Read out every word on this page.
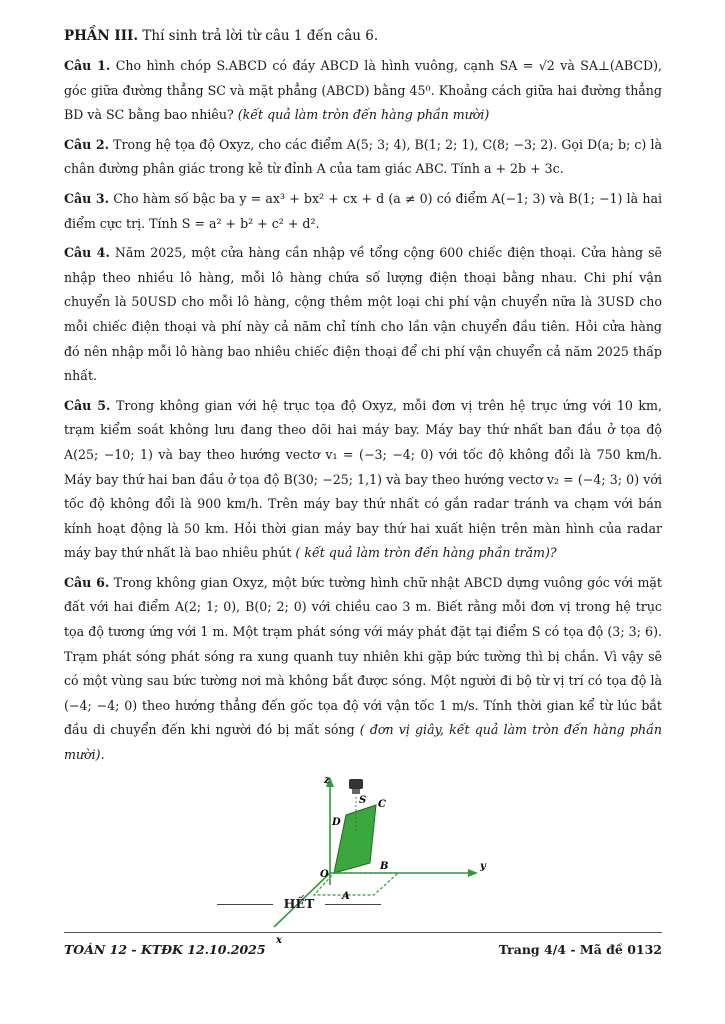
PHẦN III. Thí sinh trả lời từ câu 1 đến câu 6.
Câu 1. Cho hình chóp S.ABCD có đáy ABCD là hình vuông, cạnh SA = √2 và SA⊥(ABCD), góc giữa đường thẳng SC và mặt phẳng (ABCD) bằng 45⁰. Khoảng cách giữa hai đường thẳng BD và SC bằng bao nhiêu? (kết quả làm tròn đến hàng phần mười)
Câu 2. Trong hệ tọa độ Oxyz, cho các điểm A(5; 3; 4), B(1; 2; 1), C(8; −3; 2). Gọi D(a; b; c) là chân đường phân giác trong kẻ từ đỉnh A của tam giác ABC. Tính a + 2b + 3c.
Câu 3. Cho hàm số bậc ba y = ax³ + bx² + cx + d (a ≠ 0) có điểm A(−1; 3) và B(1; −1) là hai điểm cực trị. Tính S = a² + b² + c² + d².
Câu 4. Năm 2025, một cửa hàng cần nhập về tổng cộng 600 chiếc điện thoại. Cửa hàng sẽ nhập theo nhiều lô hàng, mỗi lô hàng chứa số lượng điện thoại bằng nhau. Chi phí vận chuyển là 50USD cho mỗi lô hàng, cộng thêm một loại chi phí vận chuyển nữa là 3USD cho mỗi chiếc điện thoại và phí này cả năm chỉ tính cho lần vận chuyển đầu tiên. Hỏi cửa hàng đó nên nhập mỗi lô hàng bao nhiêu chiếc điện thoại để chi phí vận chuyển cả năm 2025 thấp nhất.
Câu 5. Trong không gian với hệ trục tọa độ Oxyz, mỗi đơn vị trên hệ trục ứng với 10 km, trạm kiểm soát không lưu đang theo dõi hai máy bay. Máy bay thứ nhất ban đầu ở tọa độ A(25; −10; 1) và bay theo hướng vectơ v₁ = (−3; −4; 0) với tốc độ không đổi là 750 km/h. Máy bay thứ hai ban đầu ở tọa độ B(30; −25; 1,1) và bay theo hướng vectơ v₂ = (−4; 3; 0) với tốc độ không đổi là 900 km/h. Trên máy bay thứ nhất có gắn radar tránh va chạm với bán kính hoạt động là 50 km. Hỏi thời gian máy bay thứ hai xuất hiện trên màn hình của radar máy bay thứ nhất là bao nhiêu phút ( kết quả làm tròn đến hàng phần trăm)?
Câu 6. Trong không gian Oxyz, một bức tường hình chữ nhật ABCD dựng vuông góc với mặt đất với hai điểm A(2; 1; 0), B(0; 2; 0) với chiều cao 3 m. Biết rằng mỗi đơn vị trong hệ trục tọa độ tương ứng với 1 m. Một trạm phát sóng với máy phát đặt tại điểm S có tọa độ (3; 3; 6). Trạm phát sóng phát sóng ra xung quanh tuy nhiên khi gặp bức tường thì bị chắn. Vì vậy sẽ có một vùng sau bức tường nơi mà không bắt được sóng. Một người đi bộ từ vị trí có tọa độ là (−4; −4; 0) theo hướng thẳng đến gốc tọa độ với vận tốc 1 m/s. Tính thời gian kể từ lúc bắt đầu di chuyển đến khi người đó bị mất sóng ( đơn vị giây, kết quả làm tròn đến hàng phần mười).
x
z
y
S C
D
O
B
A
HẾT
TOÁN 12 - KTĐK 12.10.2025	Trang 4/4 - Mã đề 0132
